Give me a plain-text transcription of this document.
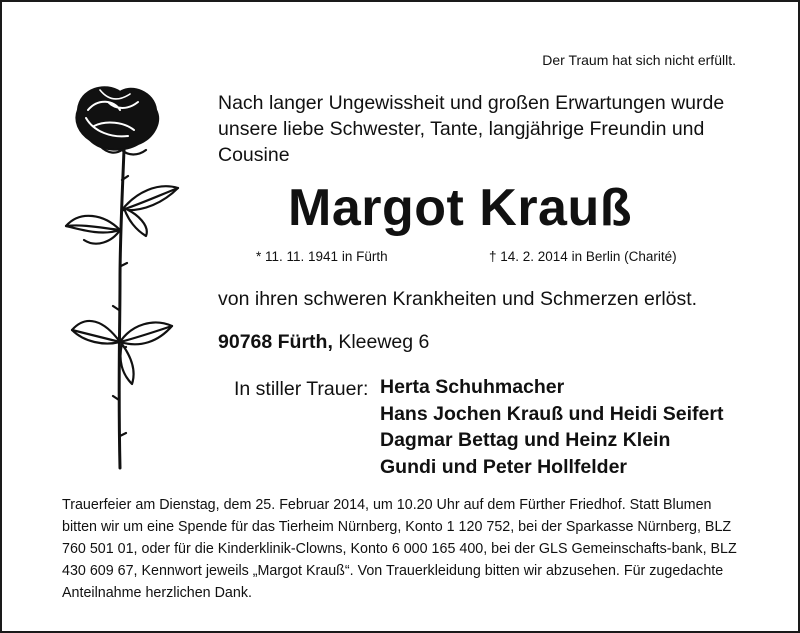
Der Traum hat sich nicht erfüllt.
Nach langer Ungewissheit und großen Erwartungen wurde unsere liebe Schwester, Tante, langjährige Freundin und Cousine
Margot Krauß
* 11. 11. 1941 in Fürth	† 14. 2. 2014 in Berlin (Charité)
von ihren schweren Krankheiten und Schmerzen erlöst.
90768 Fürth, Kleeweg 6
In stiller Trauer: Herta Schuhmacher
Hans Jochen Krauß und Heidi Seifert
Dagmar Bettag und Heinz Klein
Gundi und Peter Hollfelder
Trauerfeier am Dienstag, dem 25. Februar 2014, um 10.20 Uhr auf dem Fürther Friedhof. Statt Blumen bitten wir um eine Spende für das Tierheim Nürnberg, Konto 1 120 752, bei der Sparkasse Nürnberg, BLZ 760 501 01, oder für die Kinderklinik-Clowns, Konto 6 000 165 400, bei der GLS Gemeinschafts-bank, BLZ 430 609 67, Kennwort jeweils „Margot Krauß“. Von Trauerkleidung bitten wir abzusehen. Für zugedachte Anteilnahme herzlichen Dank.
